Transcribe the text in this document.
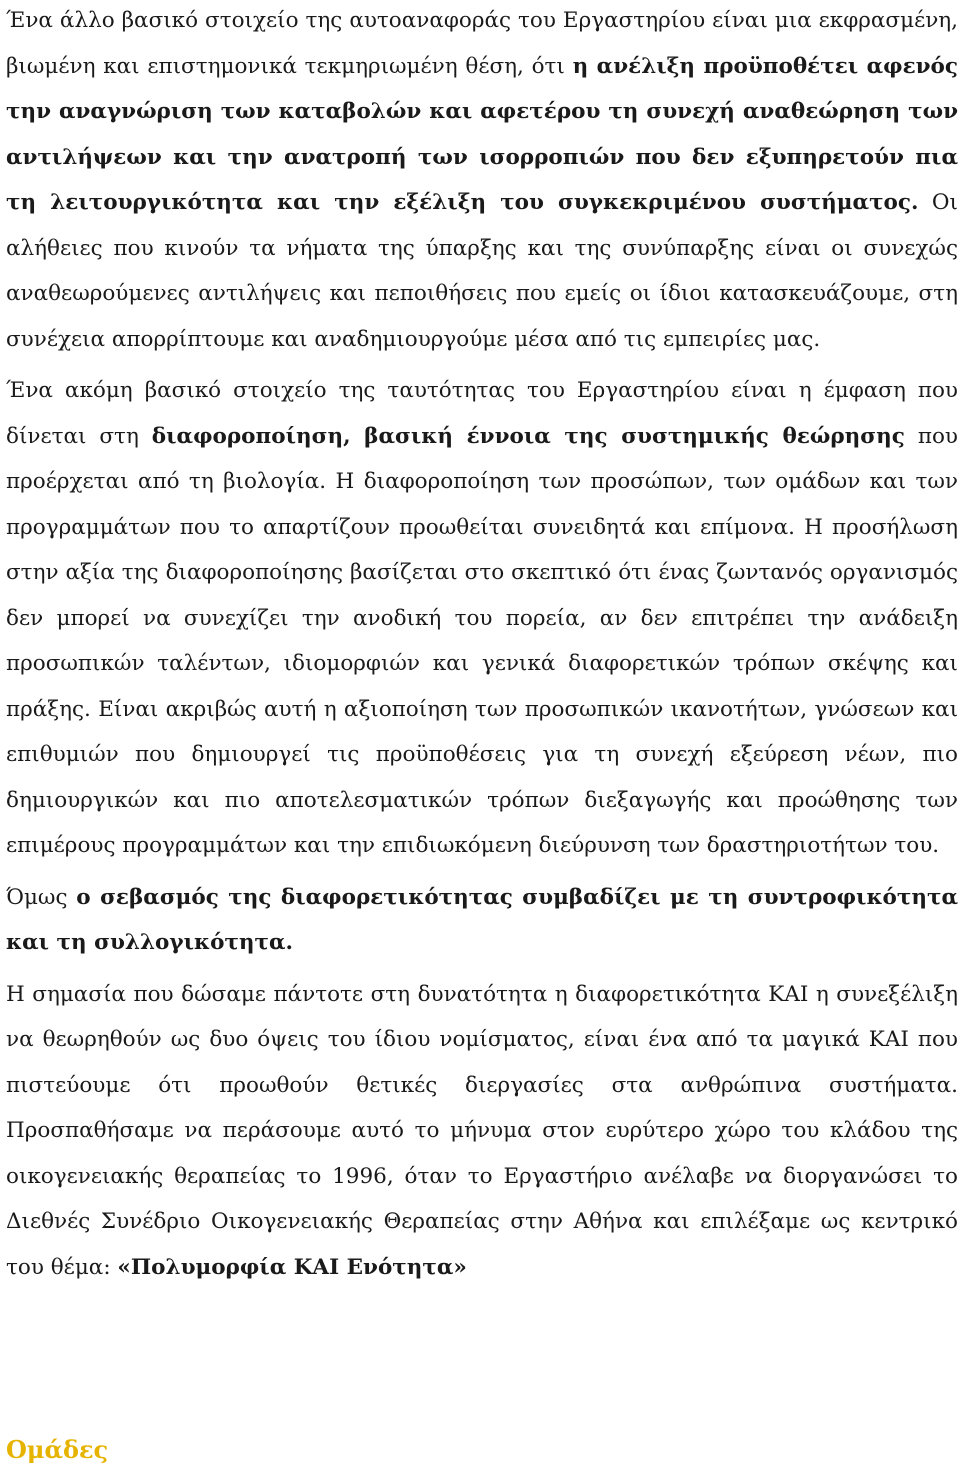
Ένα άλλο βασικό στοιχείο της αυτοαναφοράς του Εργαστηρίου είναι μια εκφρασμένη, βιωμένη και επιστημονικά τεκμηριωμένη θέση, ότι η ανέλιξη προϋποθέτει αφενός την αναγνώριση των καταβολών και αφετέρου τη συνεχή αναθεώρηση των αντιλήψεων και την ανατροπή των ισορροπιών που δεν εξυπηρετούν πια τη λειτουργικότητα και την εξέλιξη του συγκεκριμένου συστήματος. Οι αλήθειες που κινούν τα νήματα της ύπαρξης και της συνύπαρξης είναι οι συνεχώς αναθεωρούμενες αντιλήψεις και πεποιθήσεις που εμείς οι ίδιοι κατασκευάζουμε, στη συνέχεια απορρίπτουμε και αναδημιουργούμε μέσα από τις εμπειρίες μας.

Ένα ακόμη βασικό στοιχείο της ταυτότητας του Εργαστηρίου είναι η έμφαση που δίνεται στη διαφοροποίηση, βασική έννοια της συστημικής θεώρησης που προέρχεται από τη βιολογία. Η διαφοροποίηση των προσώπων, των ομάδων και των προγραμμάτων που το απαρτίζουν προωθείται συνειδητά και επίμονα. Η προσήλωση στην αξία της διαφοροποίησης βασίζεται στο σκεπτικό ότι ένας ζωντανός οργανισμός δεν μπορεί να συνεχίζει την ανοδική του πορεία, αν δεν επιτρέπει την ανάδειξη προσωπικών ταλέντων, ιδιομορφιών και γενικά διαφορετικών τρόπων σκέψης και πράξης. Είναι ακριβώς αυτή η αξιοποίηση των προσωπικών ικανοτήτων, γνώσεων και επιθυμιών που δημιουργεί τις προϋποθέσεις για τη συνεχή εξεύρεση νέων, πιο δημιουργικών και πιο αποτελεσματικών τρόπων διεξαγωγής και προώθησης των επιμέρους προγραμμάτων και την επιδιωκόμενη διεύρυνση των δραστηριοτήτων του.

Όμως ο σεβασμός της διαφορετικότητας συμβαδίζει με τη συντροφικότητα και τη συλλογικότητα.

Η σημασία που δώσαμε πάντοτε στη δυνατότητα η διαφορετικότητα ΚΑΙ η συνεξέλιξη να θεωρηθούν ως δυο όψεις του ίδιου νομίσματος, είναι ένα από τα μαγικά ΚΑΙ που πιστεύουμε ότι προωθούν θετικές διεργασίες στα ανθρώπινα συστήματα. Προσπαθήσαμε να περάσουμε αυτό το μήνυμα στον ευρύτερο χώρο του κλάδου της οικογενειακής θεραπείας το 1996, όταν το Εργαστήριο ανέλαβε να διοργανώσει το Διεθνές Συνέδριο Οικογενειακής Θεραπείας στην Αθήνα και επιλέξαμε ως κεντρικό του θέμα: «Πολυμορφία ΚΑΙ Ενότητα»

Ομάδες
